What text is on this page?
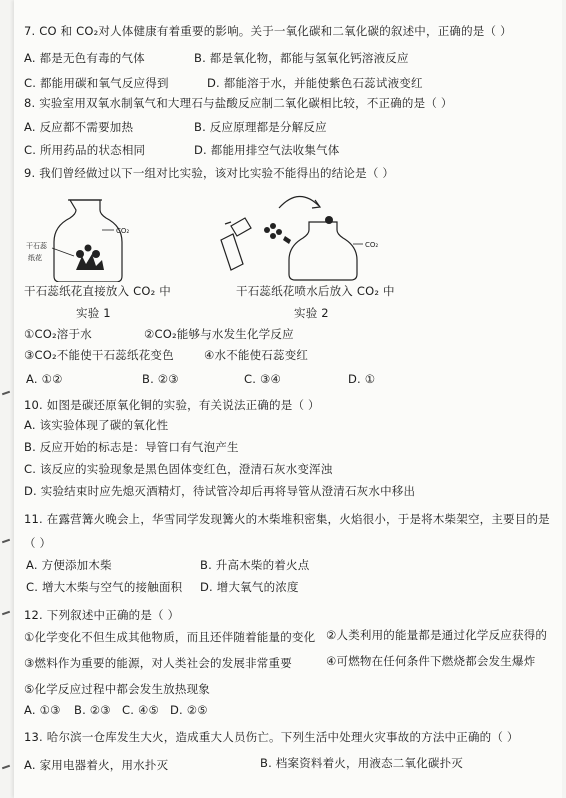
7. CO 和 CO₂对人体健康有着重要的影响。关于一氧化碳和二氧化碳的叙述中，正确的是（ ）
A. 都是无色有毒的气体	B. 都是氧化物，都能与氢氧化钙溶液反应
C. 都能用碳和氧气反应得到	D. 都能溶于水，并能使紫色石蕊试液变红
8. 实验室用双氧水制氧气和大理石与盐酸反应制二氧化碳相比较，不正确的是（ ）
A. 反应都不需要加热	B. 反应原理都是分解反应
C. 所用药品的状态相同	D. 都能用排空气法收集气体
9. 我们曾经做过以下一组对比实验，该对比实验不能得出的结论是（ ）
CO₂
干石蕊
纸花
CO₂
干石蕊纸花直接放入 CO₂ 中	干石蕊纸花喷水后放入 CO₂ 中
实验 1	实验 2
①CO₂溶于水	②CO₂能够与水发生化学反应
③CO₂不能使干石蕊纸花变色	④水不能使石蕊变红
A. ①②	B. ②③	C. ③④	D. ①
10. 如图是碳还原氧化铜的实验，有关说法正确的是（ ）
A. 该实验体现了碳的氧化性
B. 反应开始的标志是：导管口有气泡产生
C. 该反应的实验现象是黑色固体变红色，澄清石灰水变浑浊
D. 实验结束时应先熄灭酒精灯，待试管冷却后再将导管从澄清石灰水中移出
11. 在露营篝火晚会上，华雪同学发现篝火的木柴堆积密集，火焰很小，于是将木柴架空，主要目的是
（ ）
A. 方便添加木柴	B. 升高木柴的着火点
C. 增大木柴与空气的接触面积 D. 增大氧气的浓度
12. 下列叙述中正确的是（ ）
①化学变化不但生成其他物质，而且还伴随着能量的变化 ②人类利用的能量都是通过化学反应获得的
③燃料作为重要的能源，对人类社会的发展非常重要	④可燃物在任何条件下燃烧都会发生爆炸
⑤化学反应过程中都会发生放热现象
A. ①③ B. ②③ C. ④⑤ D. ②⑤
13. 哈尔滨一仓库发生大火，造成重大人员伤亡。下列生活中处理火灾事故的方法中正确的（ ）
A. 家用电器着火，用水扑灭	B. 档案资料着火，用液态二氧化碳扑灭
